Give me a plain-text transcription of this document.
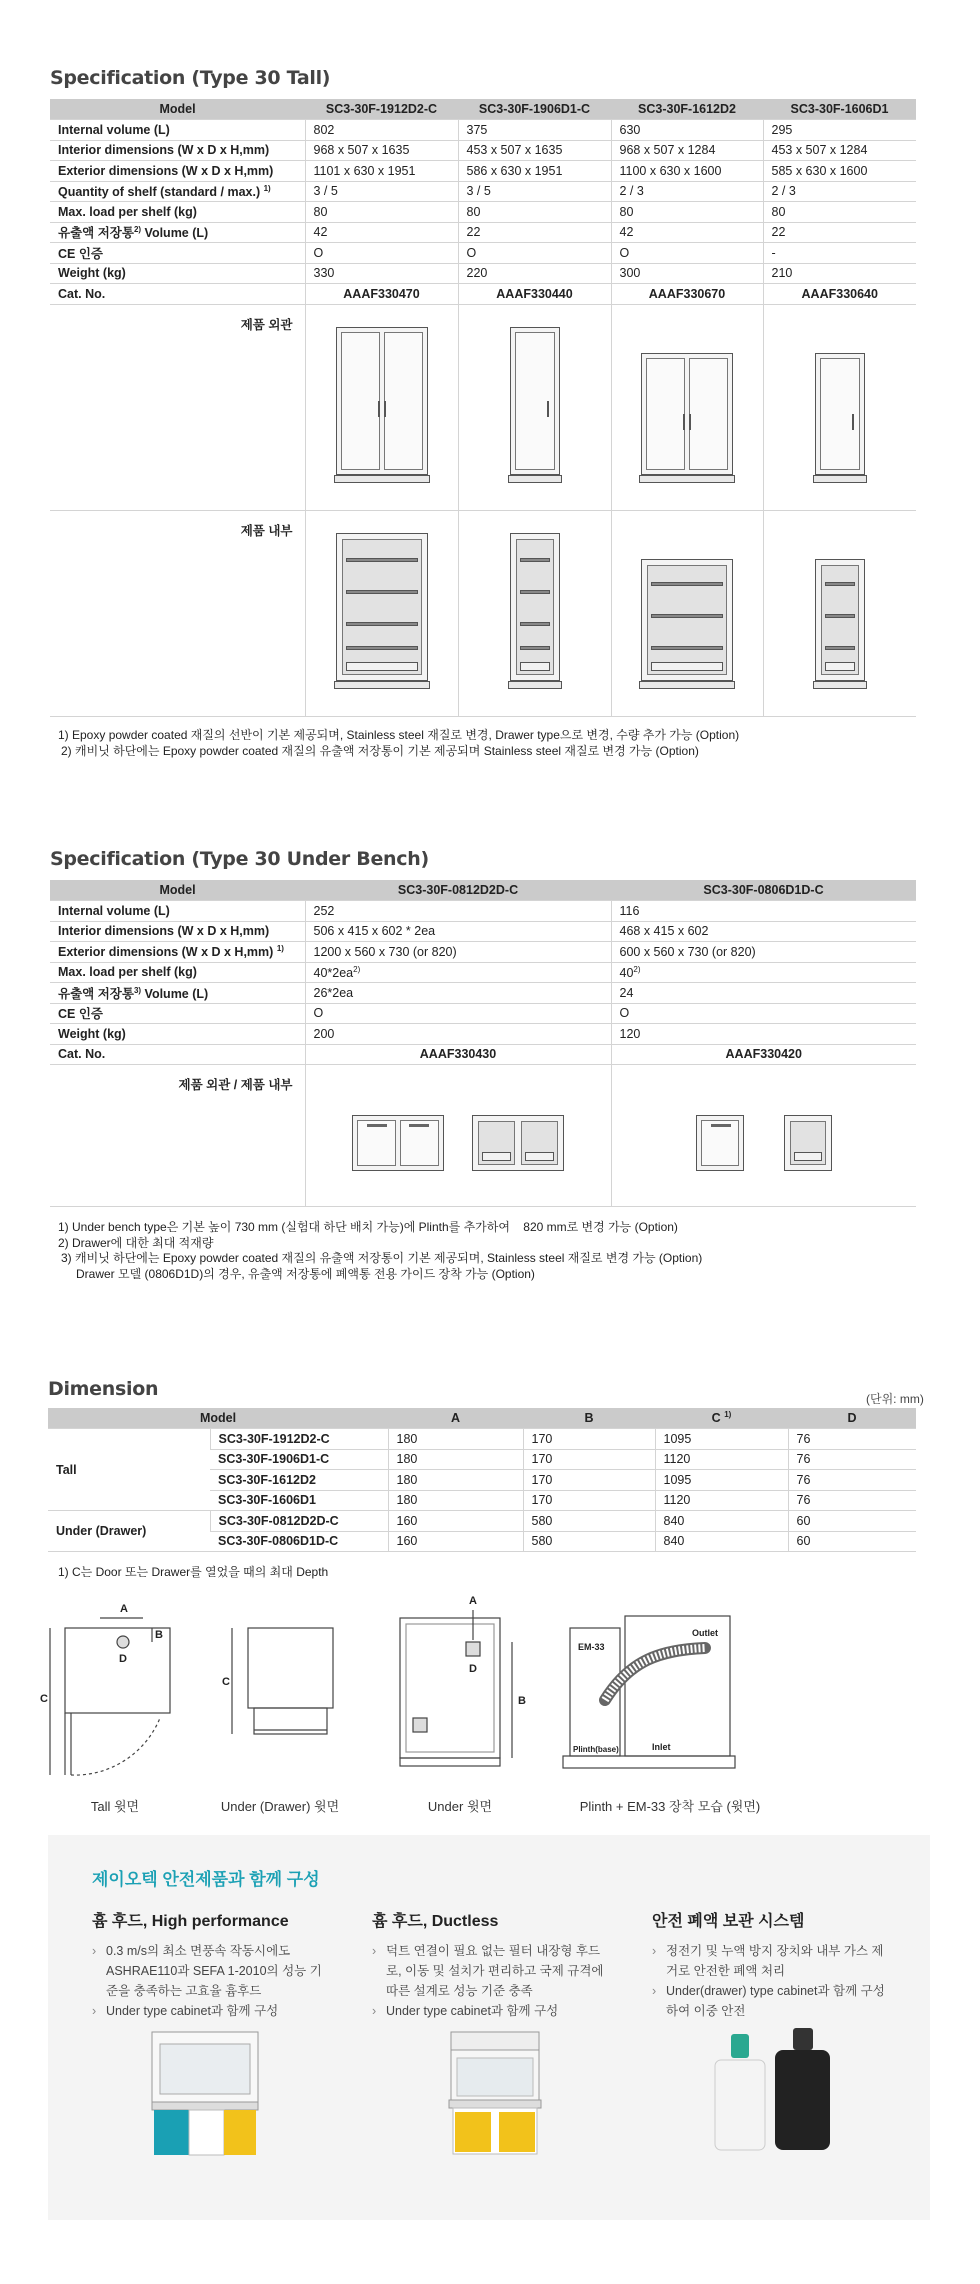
Specification (Type 30 Tall)
Model	SC3-30F-1912D2-C	SC3-30F-1906D1-C	SC3-30F-1612D2	SC3-30F-1606D1
Internal volume (L)	802	375	630	295
Interior dimensions (W x D x H,mm)	968 x 507 x 1635	453 x 507 x 1635	968 x 507 x 1284	453 x 507 x 1284
Exterior dimensions (W x D x H,mm)	1101 x 630 x 1951	586 x 630 x 1951	1100 x 630 x 1600	585 x 630 x 1600
Quantity of shelf (standard / max.) $^{1)}$	3 / 5	3 / 5	2 / 3	2 / 3
Max. load per shelf (kg)	80	80	80	80
유출액 저장통$^{2)}$ Volume (L)	42	22	42	22
CE 인증	O	O	O	-
Weight (kg)	330	220	300	210
Cat. No.	AAAF330470	AAAF330440	AAAF330670	AAAF330640
제품 외관	

제품 내부	

1) Epoxy powder coated 재질의 선반이 기본 제공되며, Stainless steel 재질로 변경, Drawer type으로 변경, 수량 추가 가능 (Option)
2) 캐비닛 하단에는 Epoxy powder coated 재질의 유출액 저장통이 기본 제공되며 Stainless steel 재질로 변경 가능 (Option)
Specification (Type 30 Under Bench)
Model	SC3-30F-0812D2D-C	SC3-30F-0806D1D-C
Internal volume (L)	252	116
Interior dimensions (W x D x H,mm)	506 x 415 x 602 * 2ea	468 x 415 x 602
Exterior dimensions (W x D x H,mm) $^{1)}$	1200 x 560 x 730 (or 820)	600 x 560 x 730 (or 820)
Max. load per shelf (kg)	$40*2ea^{2)}$	40$^{2)}$
유출액 저장통$^{3)}$ Volume (L)	26*2ea	24
CE 인증	O	O
Weight (kg)	200	120
Cat. No.	AAAF330430	AAAF330420
제품 외관 / 제품 내부	

1) Under bench type은 기본 높이 730 mm (실험대 하단 배치 가능)에 Plinth를 추가하여    820 mm로 변경 가능 (Option)
2) Drawer에 대한 최대 적재량
3) 캐비닛 하단에는 Epoxy powder coated 재질의 유출액 저장통이 기본 제공되며, Stainless steel 재질로 변경 가능 (Option)
Drawer 모델 (0806D1D)의 경우, 유출액 저장통에 폐액통 전용 가이드 장착 가능 (Option)
Dimension	(단위: mm)
Model		A	B	C $^{1)}$	D
Tall	SC3-30F-1912D2-C	180	170	1095	76
	SC3-30F-1906D1-C	180	170	1120	76
	SC3-30F-1612D2	180	170	1095	76
	SC3-30F-1606D1	180	170	1120	76
Under (Drawer)	SC3-30F-0812D2D-C	160	580	840	60
	SC3-30F-0806D1D-C	160	580	840	60
1) C는 Door 또는 Drawer를 열었을 때의 최대 Depth
A
B
D
C
C
A
D
B
EM-33
Outlet
Inlet
Plinth(base)
Tall 윗면	Under (Drawer) 윗면	Under 윗면	Plinth + EM-33 장착 모습 (윗면)
제이오텍 안전제품과 함께 구성
흄 후드, High performance
› 0.3 m/s의 최소 면풍속 작동시에도 ASHRAE110과 SEFA 1-2010의 성능 기준을 충족하는 고효율 흄후드
› Under type cabinet과 함께 구성
흄 후드, Ductless
› 덕트 연결이 필요 없는 필터 내장형 후드로, 이동 및 설치가 편리하고 국제 규격에 따른 설계로 성능 기준 충족
› Under type cabinet과 함께 구성
안전 폐액 보관 시스템
› 정전기 및 누액 방지 장치와 내부 가스 제거로 안전한 폐액 처리
› Under(drawer) type cabinet과 함께 구성하여 이중 안전
